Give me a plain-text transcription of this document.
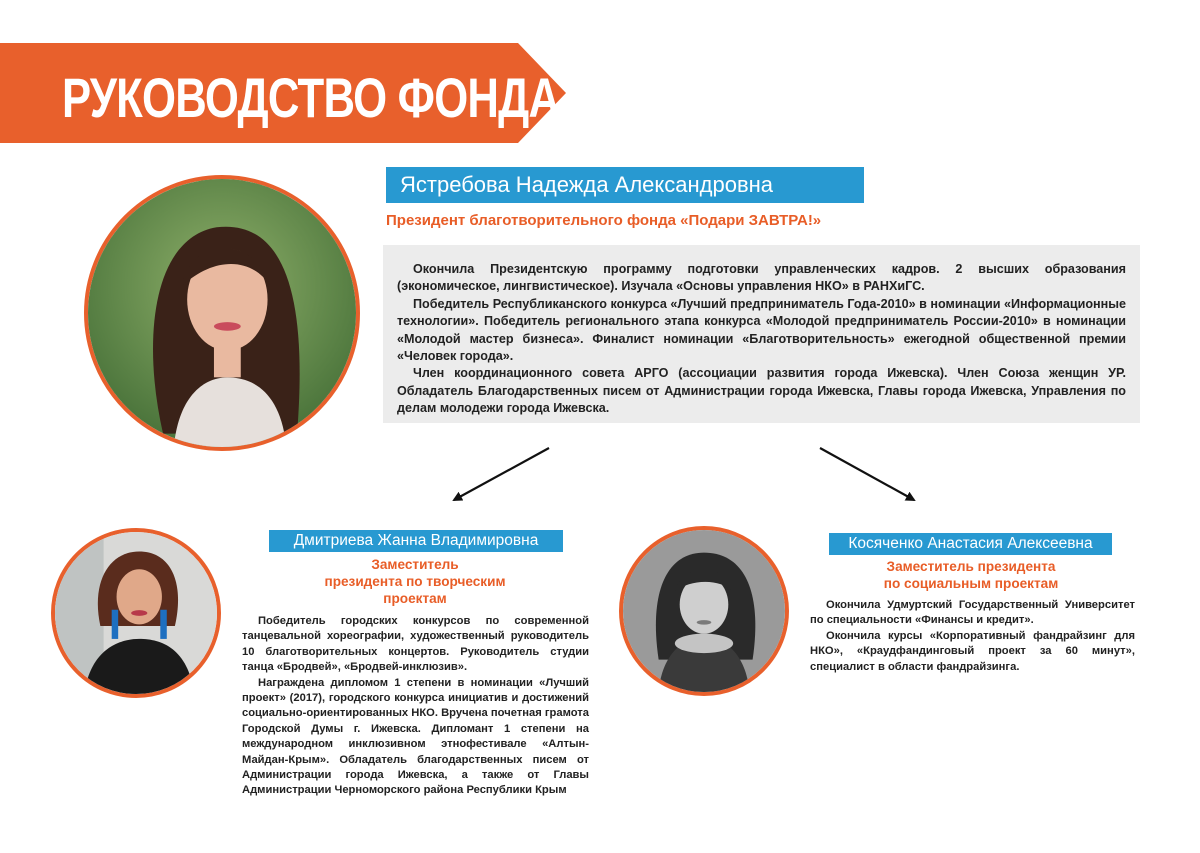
РУКОВОДСТВО ФОНДА
Ястребова Надежда Александровна
Президент благотворительного фонда «Подари ЗАВТРА!»

Окончила Президентскую программу подготовки управленческих кадров. 2 высших образования (экономическое, лингвистическое). Изучала «Основы управления НКО» в РАНХиГС.

Победитель Республиканского конкурса «Лучший предприниматель Года-2010» в номинации «Информационные технологии». Победитель регионального этапа конкурса «Молодой предприниматель России-2010» в номинации «Молодой мастер бизнеса». Финалист номинации «Благотворительность» ежегодной общественной премии «Человек города».

Член координационного совета АРГО (ассоциации развития города Ижевска). Член Союза женщин УР. Обладатель Благодарственных писем от Администрации города Ижевска, Главы города Ижевска, Управления по делам молодежи города Ижевска.

Дмитриева Жанна Владимировна
Заместитель
президента по творческим
проектам

Победитель городских конкурсов по современной танцевальной хореографии, художественный руководитель 10 благотворительных концертов. Руководитель студии танца «Бродвей», «Бродвей-инклюзив».

Награждена дипломом 1 степени в номинации «Лучший проект» (2017), городского конкурса инициатив и достижений социально-ориентированных НКО. Вручена почетная грамота Городской Думы г. Ижевска. Дипломант 1 степени на международном инклюзивном этнофестивале «Алтын-Майдан-Крым». Обладатель благодарственных писем от Администрации города Ижевска, а также от Главы Администрации Черноморского района Республики Крым

Косяченко Анастасия Алексеевна
Заместитель президента
по социальным проектам

Окончила Удмуртский Государственный Университет по специальности «Финансы и кредит».

Окончила курсы «Корпоративный фандрайзинг для НКО», «Краудфандинговый проект за 60 минут», специалист в области фандрайзинга.
